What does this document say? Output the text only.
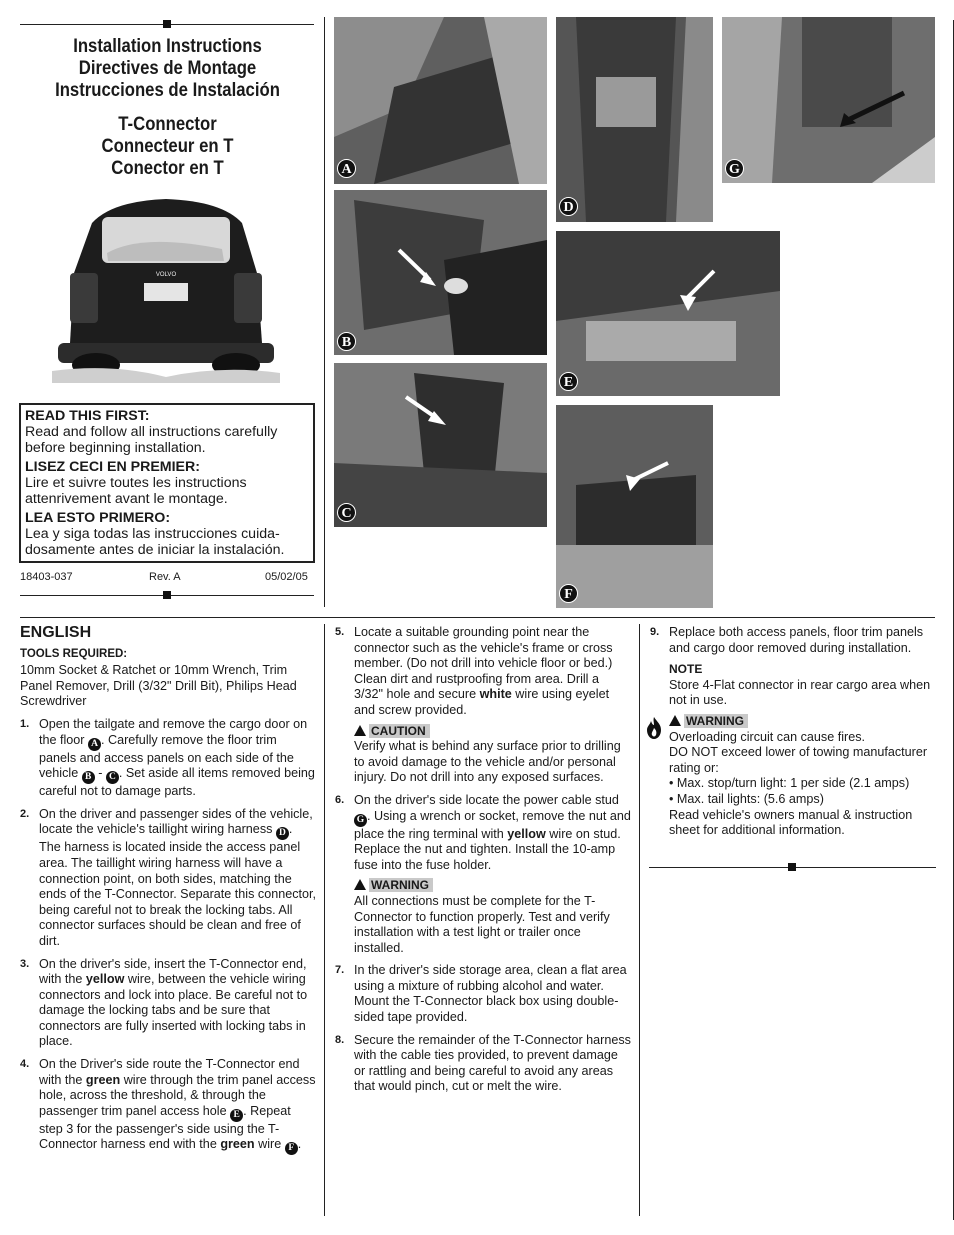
Installation Instructions
Directives de Montage
Instrucciones de Instalación
T-Connector
Connecteur en T
Conector en T
VOLVO
READ THIS FIRST:
Read and follow all instructions carefully before beginning installation.
LISEZ CECI EN PREMIER:
Lire et suivre toutes les instructions attenrivement avant le montage.
LEA ESTO PRIMERO:
Lea y siga todas las instrucciones cuida-dosamente antes de iniciar la instalación.
18403-037	Rev. A	05/02/05
A
B
C
D
E
F
G
ENGLISH
TOOLS REQUIRED:
10mm Socket & Ratchet or 10mm Wrench, Trim Panel Remover, Drill (3/32" Drill Bit), Philips Head Screwdriver
1. Open the tailgate and remove the cargo door on the floor A . Carefully remove the floor trim panels and access panels on each side of the vehicle B - C . Set aside all items removed being careful not to damage parts.
2. On the driver and passenger sides of the vehicle, locate the vehicle's taillight wiring harness D . The harness is located inside the access panel area. The taillight wiring harness will have a connection point, on both sides, matching the ends of the T-Connector. Separate this connector, being careful not to break the locking tabs. All connector surfaces should be clean and free of dirt.
3. On the driver's side, insert the T-Connector end, with the yellow wire, between the vehicle wiring connectors and lock into place. Be careful not to damage the locking tabs and be sure that connectors are fully inserted with locking tabs in place.
4. On the Driver's side route the T-Connector end with the green wire through the trim panel access hole, across the threshold, & through the passenger trim panel access hole E . Repeat step 3 for the passenger's side using the T-Connector harness end with the green wire F .
5. Locate a suitable grounding point near the connector such as the vehicle's frame or cross member. (Do not drill into vehicle floor or bed.) Clean dirt and rustproofing from area. Drill a 3/32" hole and secure white wire using eyelet and screw provided.
CAUTION
Verify what is behind any surface prior to drilling to avoid damage to the vehicle and/or personal injury. Do not drill into any exposed surfaces.
6. On the driver's side locate the power cable stud G . Using a wrench or socket, remove the nut and place the ring terminal with yellow wire on stud. Replace the nut and tighten. Install the 10-amp fuse into the fuse holder.
WARNING
All connections must be complete for the T-Connector to function properly. Test and verify installation with a test light or trailer once installed.
7. In the driver's side storage area, clean a flat area using a mixture of rubbing alcohol and water. Mount the T-Connector black box using double-sided tape provided.
8. Secure the remainder of the T-Connector harness with the cable ties provided, to prevent damage or rattling and being careful to avoid any areas that would pinch, cut or melt the wire.
9. Replace both access panels, floor trim panels and cargo door removed during installation.
NOTE
Store 4-Flat connector in rear cargo area when not in use.
WARNING
Overloading circuit can cause fires.
DO NOT exceed lower of towing manufacturer rating or:
• Max. stop/turn light: 1 per side (2.1 amps)
• Max. tail lights: (5.6 amps)
Read vehicle's owners manual & instruction sheet for additional information.
